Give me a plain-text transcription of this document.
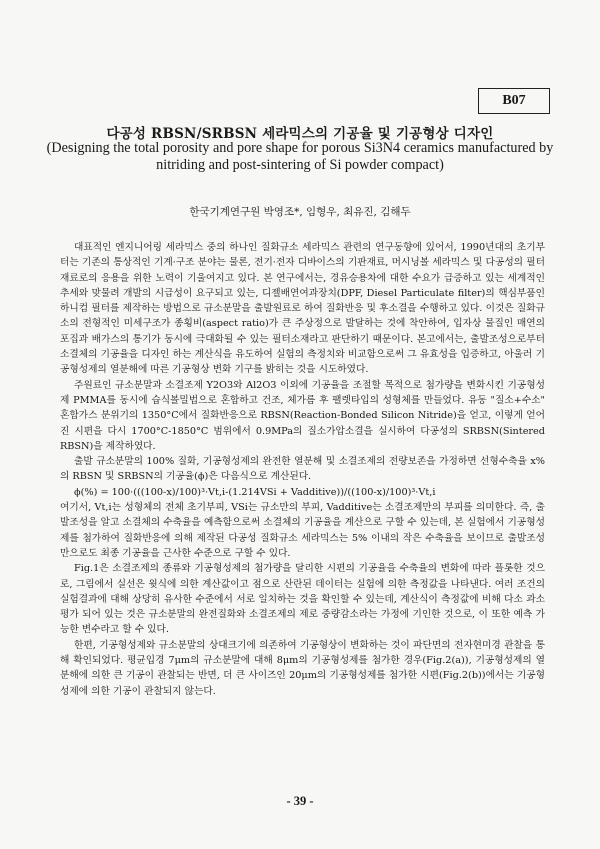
B07
다공성 RBSN/SRBSN 세라믹스의 기공율 및 기공형상 디자인
(Designing the total porosity and pore shape for porous Si3N4 ceramics manufactured by nitriding and post-sintering of Si powder compact)
한국기계연구원 박영조*, 임형우, 최유진, 김해두

대표적인 엔지니어링 세라믹스 중의 하나인 질화규소 세라믹스 관련의 연구동향에 있어서, 1990년대의 초기부터는 기존의 통상적인 기계·구조 분야는 물론, 전기·전자 디바이스의 기판재료, 머시닝볼 세라믹스 및 다공성의 필터 재료로의 응용을 위한 노력이 기울여지고 있다. 본 연구에서는, 경유승용차에 대한 수요가 급증하고 있는 세계적인 추세와 맞물려 개발의 시급성이 요구되고 있는, 디젤배연여과장치(DPF, Diesel Particulate filter)의 핵심부품인 하니컴 필터를 제작하는 방법으로 규소분말을 출발원료로 하여 질화반응 및 후소결을 수행하고 있다. 이것은 질화규소의 전형적인 미세구조가 종횡비(aspect ratio)가 큰 주상정으로 발달하는 것에 착안하여, 입자상 물질인 매연의 포집과 배가스의 통기가 동시에 극대화될 수 있는 필터소재라고 판단하기 때문이다. 본고에서는, 출발조성으로부터 소결체의 기공율을 디자인 하는 계산식을 유도하여 실험의 측정치와 비교함으로써 그 유효성을 입증하고, 아울러 기공형성제의 열분해에 따른 기공형상 변화 기구를 밝히는 것을 시도하였다.

주원료인 규소분말과 소결조제 Y2O3와 Al2O3 이외에 기공율을 조절할 목적으로 첨가량을 변화시킨 기공형성제 PMMA를 동시에 습식볼밀법으로 혼합하고 건조, 체가름 후 팰렛타입의 성형체를 만들었다. 유동 "질소+수소" 혼합가스 분위기의 1350°C에서 질화반응으로 RBSN(Reaction-Bonded Silicon Nitride)을 얻고, 이렇게 얻어진 시편을 다시 1700°C-1850°C 범위에서 0.9MPa의 질소가압소결을 실시하여 다공성의 SRBSN(Sintered RBSN)을 제작하였다.

출발 규소분말의 100% 질화, 기공형성제의 완전한 열분해 및 소결조제의 전량보존을 가정하면 선형수축율 x%의 RBSN 및 SRBSN의 기공율(ϕ)은 다음식으로 계산된다.

ϕ(%) = 100·(((100-x)/100)³·Vt,i-(1.214VSi + Vadditive))/((100-x)/100)³·Vt,i

여기서, Vt,i는 성형체의 전체 초기부피, VSi는 규소만의 부피, Vadditive는 소결조제만의 부피를 의미한다. 즉, 출발조성을 알고 소결체의 수축율을 예측함으로써 소결체의 기공율을 계산으로 구할 수 있는데, 본 실험에서 기공형성제를 첨가하여 질화반응에 의해 제작된 다공성 질화규소 세라믹스는 5% 이내의 작은 수축율을 보이므로 출발조성만으로도 최종 기공율을 근사한 수준으로 구할 수 있다.

Fig.1은 소결조제의 종류와 기공형성제의 첨가량을 달리한 시편의 기공율을 수축율의 변화에 따라 플롯한 것으로, 그림에서 실선은 윗식에 의한 계산값이고 점으로 산란된 데이터는 실험에 의한 측정값을 나타낸다. 여러 조건의 실험결과에 대해 상당히 유사한 수준에서 서로 일치하는 것을 확인할 수 있는데, 계산식이 측정값에 비해 다소 과소평가 되어 있는 것은 규소분말의 완전질화와 소결조제의 제로 중량감소라는 가정에 기인한 것으로, 이 또한 예측 가능한 변수라고 할 수 있다.

한편, 기공형성제와 규소분말의 상대크기에 의존하여 기공형상이 변화하는 것이 파단면의 전자현미경 관찰을 통해 확인되었다. 평균입경 7μm의 규소분말에 대해 8μm의 기공형성제를 첨가한 경우(Fig.2(a)), 기공형성제의 열분해에 의한 큰 기공이 관찰되는 반면, 더 큰 사이즈인 20μm의 기공형성제를 첨가한 시편(Fig.2(b))에서는 기공형성제에 의한 기공이 관찰되지 않는다.

- 39 -
